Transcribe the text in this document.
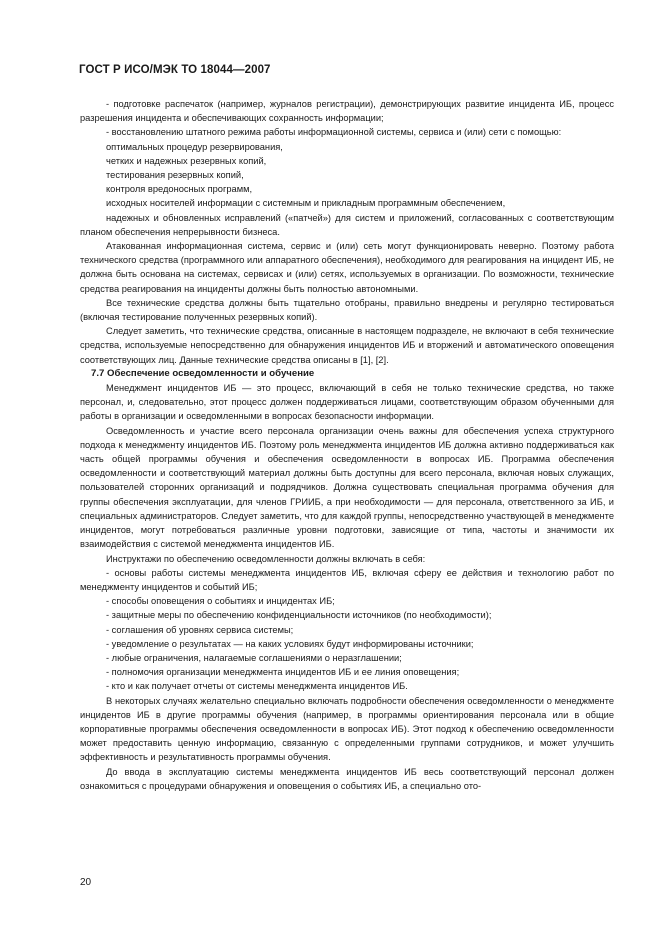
ГОСТ Р ИСО/МЭК ТО 18044—2007

- подготовке распечаток (например, журналов регистрации), демонстрирующих развитие инцидента ИБ, процесс разрешения инцидента и обеспечивающих сохранность информации;

- восстановлению штатного режима работы информационной системы, сервиса и (или) сети с помощью:

оптимальных процедур резервирования,

четких и надежных резервных копий,

тестирования резервных копий,

контроля вредоносных программ,

исходных носителей информации с системным и прикладным программным обеспечением,

надежных и обновленных исправлений («патчей») для систем и приложений, согласованных с соответствующим планом обеспечения непрерывности бизнеса.

Атакованная информационная система, сервис и (или) сеть могут функционировать неверно. Поэтому работа технического средства (программного или аппаратного обеспечения), необходимого для реагирования на инцидент ИБ, не должна быть основана на системах, сервисах и (или) сетях, используемых в организации. По возможности, технические средства реагирования на инциденты должны быть полностью автономными.

Все технические средства должны быть тщательно отобраны, правильно внедрены и регулярно тестироваться (включая тестирование полученных резервных копий).

Следует заметить, что технические средства, описанные в настоящем подразделе, не включают в себя технические средства, используемые непосредственно для обнаружения инцидентов ИБ и вторжений и автоматического оповещения соответствующих лиц. Данные технические средства описаны в [1], [2].

7.7 Обеспечение осведомленности и обучение

Менеджмент инцидентов ИБ — это процесс, включающий в себя не только технические средства, но также персонал, и, следовательно, этот процесс должен поддерживаться лицами, соответствующим образом обученными для работы в организации и осведомленными в вопросах безопасности информации.

Осведомленность и участие всего персонала организации очень важны для обеспечения успеха структурного подхода к менеджменту инцидентов ИБ. Поэтому роль менеджмента инцидентов ИБ должна активно поддерживаться как часть общей программы обучения и обеспечения осведомленности в вопросах ИБ. Программа обеспечения осведомленности и соответствующий материал должны быть доступны для всего персонала, включая новых служащих, пользователей сторонних организаций и подрядчиков. Должна существовать специальная программа обучения для группы обеспечения эксплуатации, для членов ГРИИБ, а при необходимости — для персонала, ответственного за ИБ, и специальных администраторов. Следует заметить, что для каждой группы, непосредственно участвующей в менеджменте инцидентов, могут потребоваться различные уровни подготовки, зависящие от типа, частоты и значимости их взаимодействия с системой менеджмента инцидентов ИБ.

Инструктажи по обеспечению осведомленности должны включать в себя:

- основы работы системы менеджмента инцидентов ИБ, включая сферу ее действия и технологию работ по менеджменту инцидентов и событий ИБ;

- способы оповещения о событиях и инцидентах ИБ;

- защитные меры по обеспечению конфиденциальности источников (по необходимости);

- соглашения об уровнях сервиса системы;

- уведомление о результатах — на каких условиях будут информированы источники;

- любые ограничения, налагаемые соглашениями о неразглашении;

- полномочия организации менеджмента инцидентов ИБ и ее линия оповещения;

- кто и как получает отчеты от системы менеджмента инцидентов ИБ.

В некоторых случаях желательно специально включать подробности обеспечения осведомленности о менеджменте инцидентов ИБ в другие программы обучения (например, в программы ориентирования персонала или в общие корпоративные программы обеспечения осведомленности в вопросах ИБ). Этот подход к обеспечению осведомленности может предоставить ценную информацию, связанную с определенными группами сотрудников, и может улучшить эффективность и результативность программы обучения.

До ввода в эксплуатацию системы менеджмента инцидентов ИБ весь соответствующий персонал должен ознакомиться с процедурами обнаружения и оповещения о событиях ИБ, а специально ото-

20
